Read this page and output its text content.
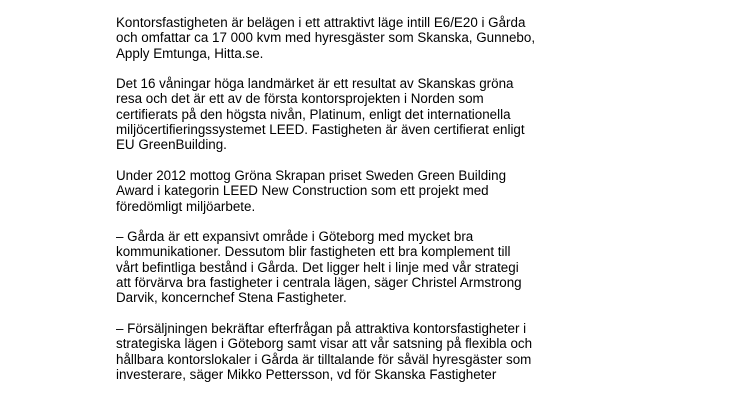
Kontorsfastigheten är belägen i ett attraktivt läge intill E6/E20 i Gårda
och omfattar ca 17 000 kvm med hyresgäster som Skanska, Gunnebo,
Apply Emtunga, Hitta.se.

Det 16 våningar höga landmärket är ett resultat av Skanskas gröna
resa och det är ett av de första kontorsprojekten i Norden som
certifierats på den högsta nivån, Platinum, enligt det internationella
miljöcertifieringssystemet LEED. Fastigheten är även certifierat enligt
EU GreenBuilding.

Under 2012 mottog Gröna Skrapan priset Sweden Green Building
Award i kategorin LEED New Construction som ett projekt med
föredömligt miljöarbete.

– Gårda är ett expansivt område i Göteborg med mycket bra
kommunikationer. Dessutom blir fastigheten ett bra komplement till
vårt befintliga bestånd i Gårda. Det ligger helt i linje med vår strategi
att förvärva bra fastigheter i centrala lägen, säger Christel Armstrong
Darvik, koncernchef Stena Fastigheter.

– Försäljningen bekräftar efterfrågan på attraktiva kontorsfastigheter i
strategiska lägen i Göteborg samt visar att vår satsning på flexibla och
hållbara kontorslokaler i Gårda är tilltalande för såväl hyresgäster som
investerare, säger Mikko Pettersson, vd för Skanska Fastigheter
